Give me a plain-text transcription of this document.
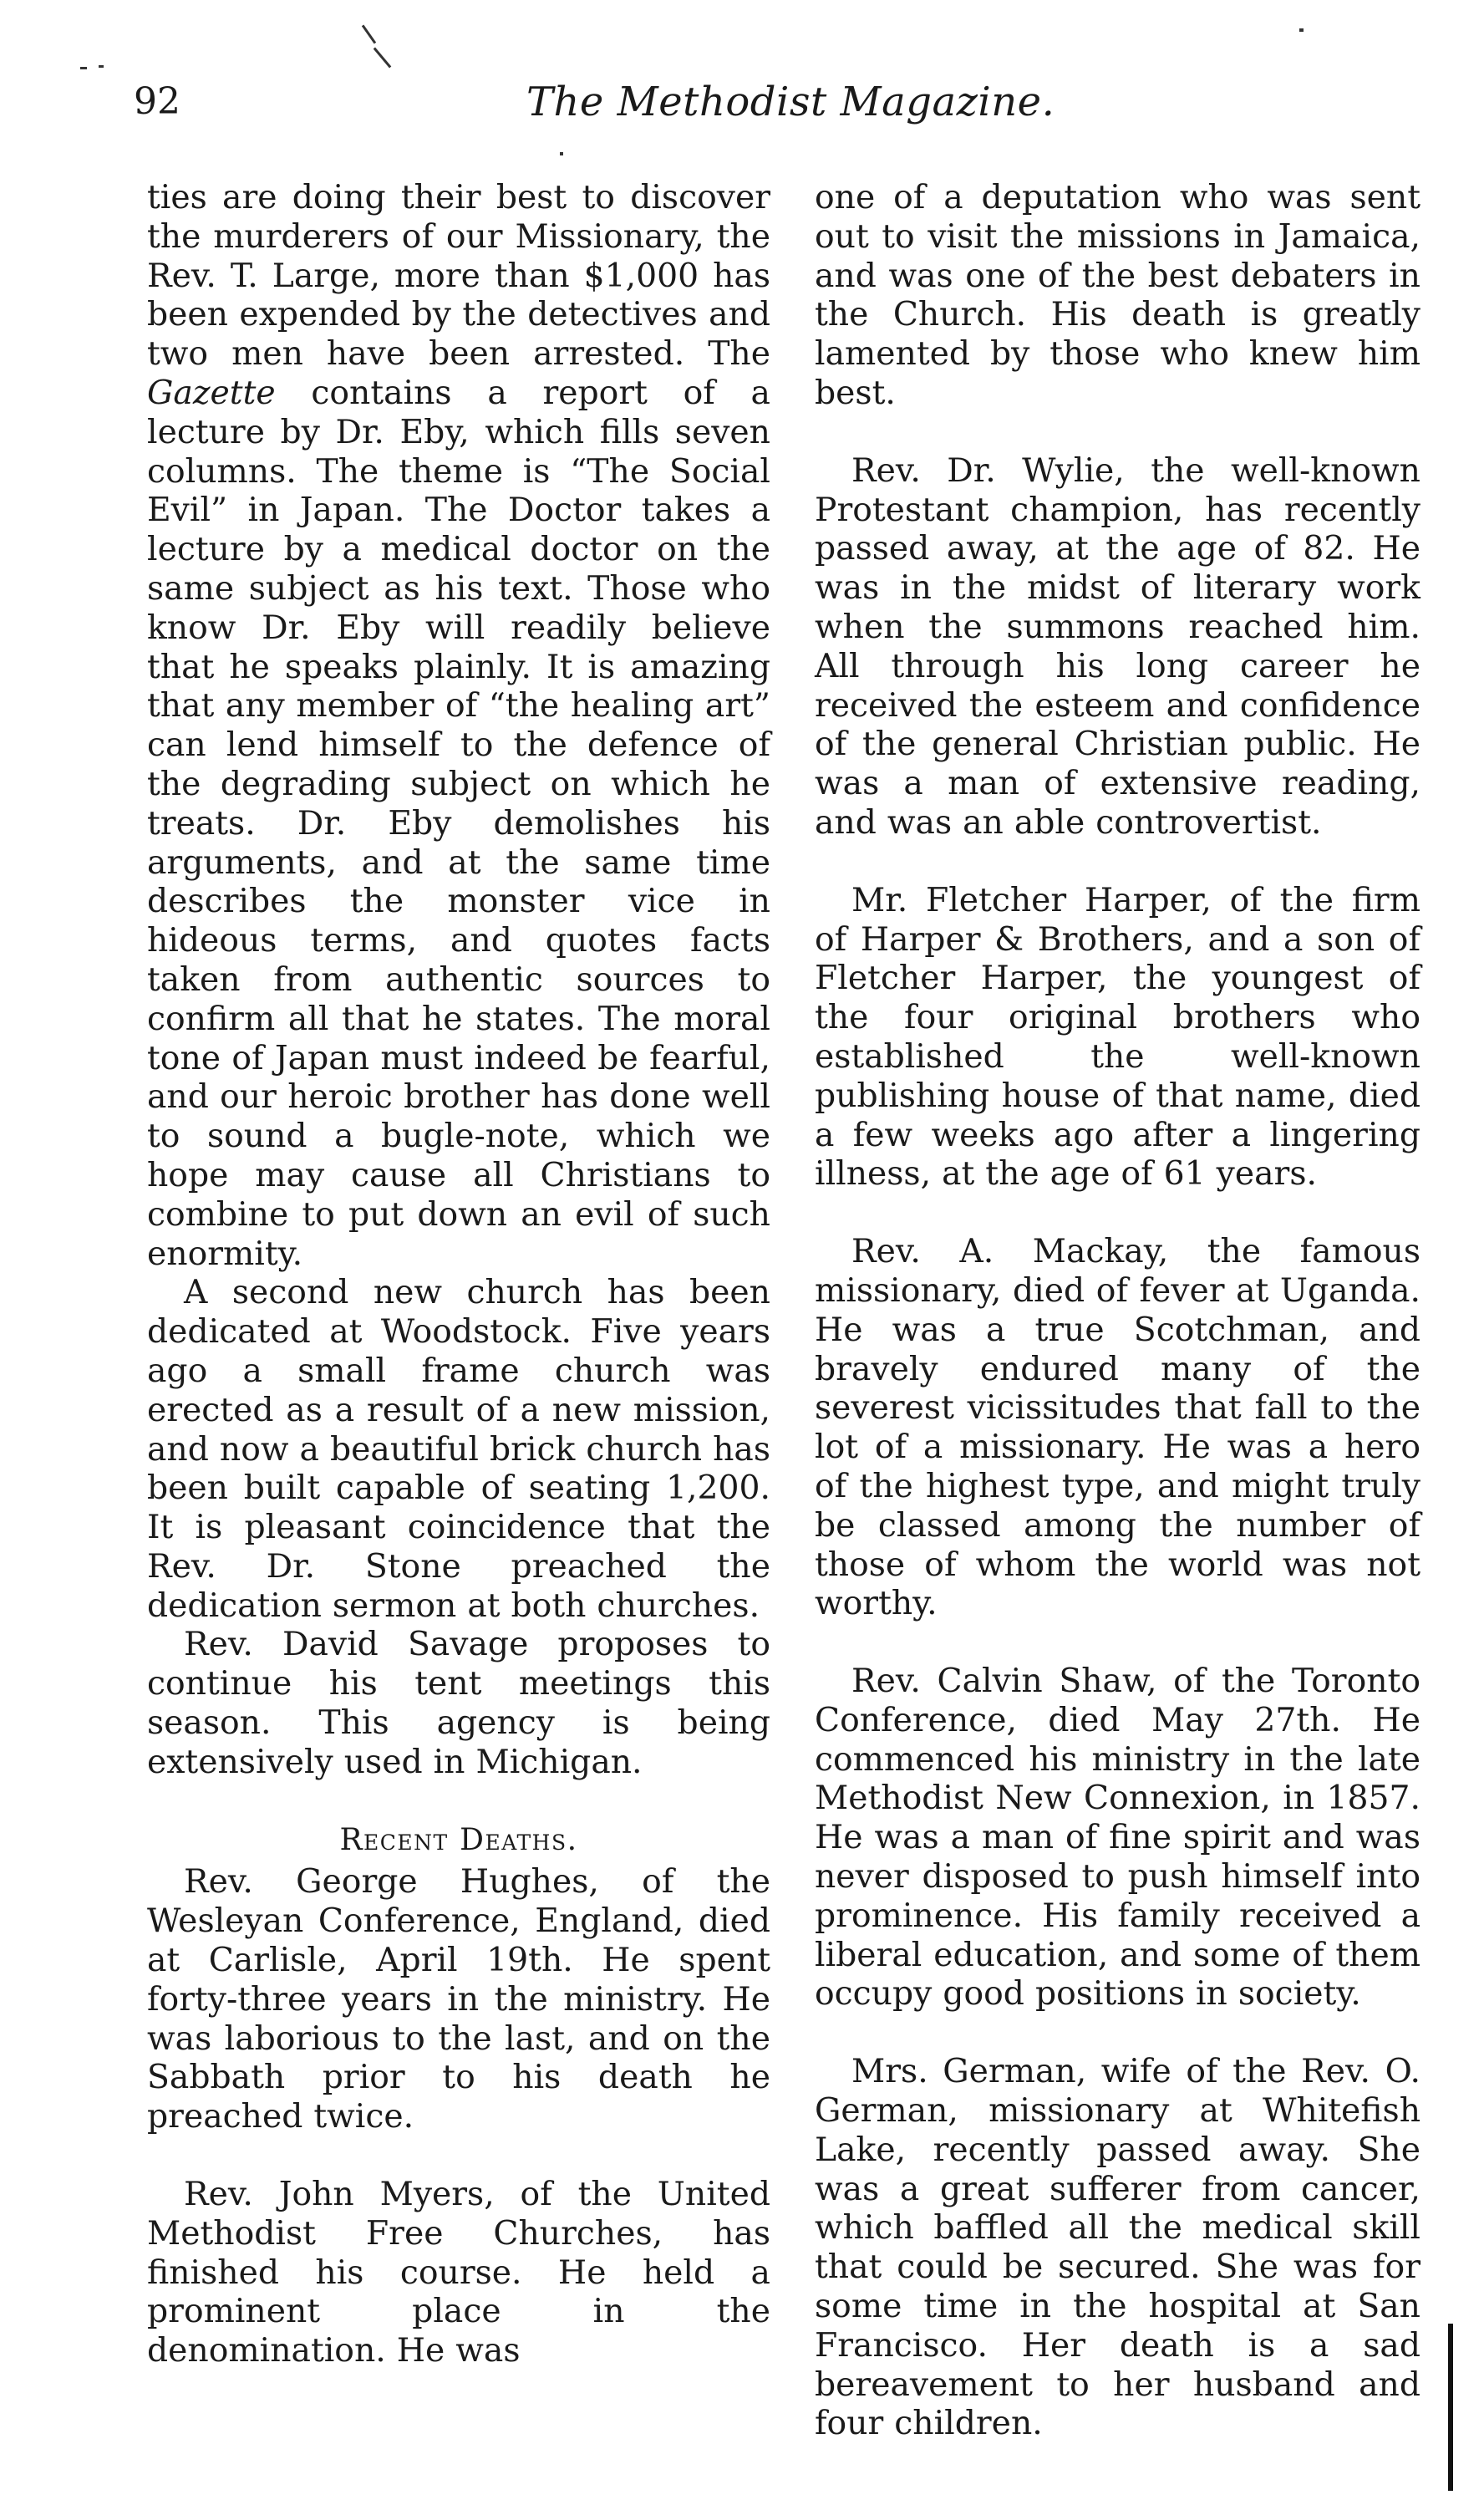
92	The Methodist Magazine.

ties are doing their best to discover the murderers of our Missionary, the Rev. T. Large, more than $1,000 has been expended by the detectives and two men have been arrested. The Gazette contains a report of a lecture by Dr. Eby, which fills seven columns. The theme is “The Social Evil” in Japan. The Doctor takes a lecture by a medical doctor on the same subject as his text. Those who know Dr. Eby will readily believe that he speaks plainly. It is amazing that any member of “the healing art” can lend himself to the defence of the degrading subject on which he treats. Dr. Eby demolishes his arguments, and at the same time describes the monster vice in hideous terms, and quotes facts taken from authentic sources to confirm all that he states. The moral tone of Japan must indeed be fearful, and our heroic brother has done well to sound a bugle-note, which we hope may cause all Christians to combine to put down an evil of such enormity.

A second new church has been dedicated at Woodstock. Five years ago a small frame church was erected as a result of a new mission, and now a beautiful brick church has been built capable of seating 1,200. It is pleasant coincidence that the Rev. Dr. Stone preached the dedication sermon at both churches.

Rev. David Savage proposes to continue his tent meetings this season. This agency is being extensively used in Michigan.

Recent Deaths.

Rev. George Hughes, of the Wesleyan Conference, England, died at Carlisle, April 19th. He spent forty-three years in the ministry. He was laborious to the last, and on the Sabbath prior to his death he preached twice.

Rev. John Myers, of the United Methodist Free Churches, has finished his course. He held a prominent place in the denomination. He was

one of a deputation who was sent out to visit the missions in Jamaica, and was one of the best debaters in the Church. His death is greatly lamented by those who knew him best.

Rev. Dr. Wylie, the well-known Protestant champion, has recently passed away, at the age of 82. He was in the midst of literary work when the summons reached him. All through his long career he received the esteem and confidence of the general Christian public. He was a man of extensive reading, and was an able controvertist.

Mr. Fletcher Harper, of the firm of Harper & Brothers, and a son of Fletcher Harper, the youngest of the four original brothers who established the well-known publishing house of that name, died a few weeks ago after a lingering illness, at the age of 61 years.

Rev. A. Mackay, the famous missionary, died of fever at Uganda. He was a true Scotchman, and bravely endured many of the severest vicissitudes that fall to the lot of a missionary. He was a hero of the highest type, and might truly be classed among the number of those of whom the world was not worthy.

Rev. Calvin Shaw, of the Toronto Conference, died May 27th. He commenced his ministry in the late Methodist New Connexion, in 1857. He was a man of fine spirit and was never disposed to push himself into prominence. His family received a liberal education, and some of them occupy good positions in society.

Mrs. German, wife of the Rev. O. German, missionary at Whitefish Lake, recently passed away. She was a great sufferer from cancer, which baffled all the medical skill that could be secured. She was for some time in the hospital at San Francisco. Her death is a sad bereavement to her husband and four children.
